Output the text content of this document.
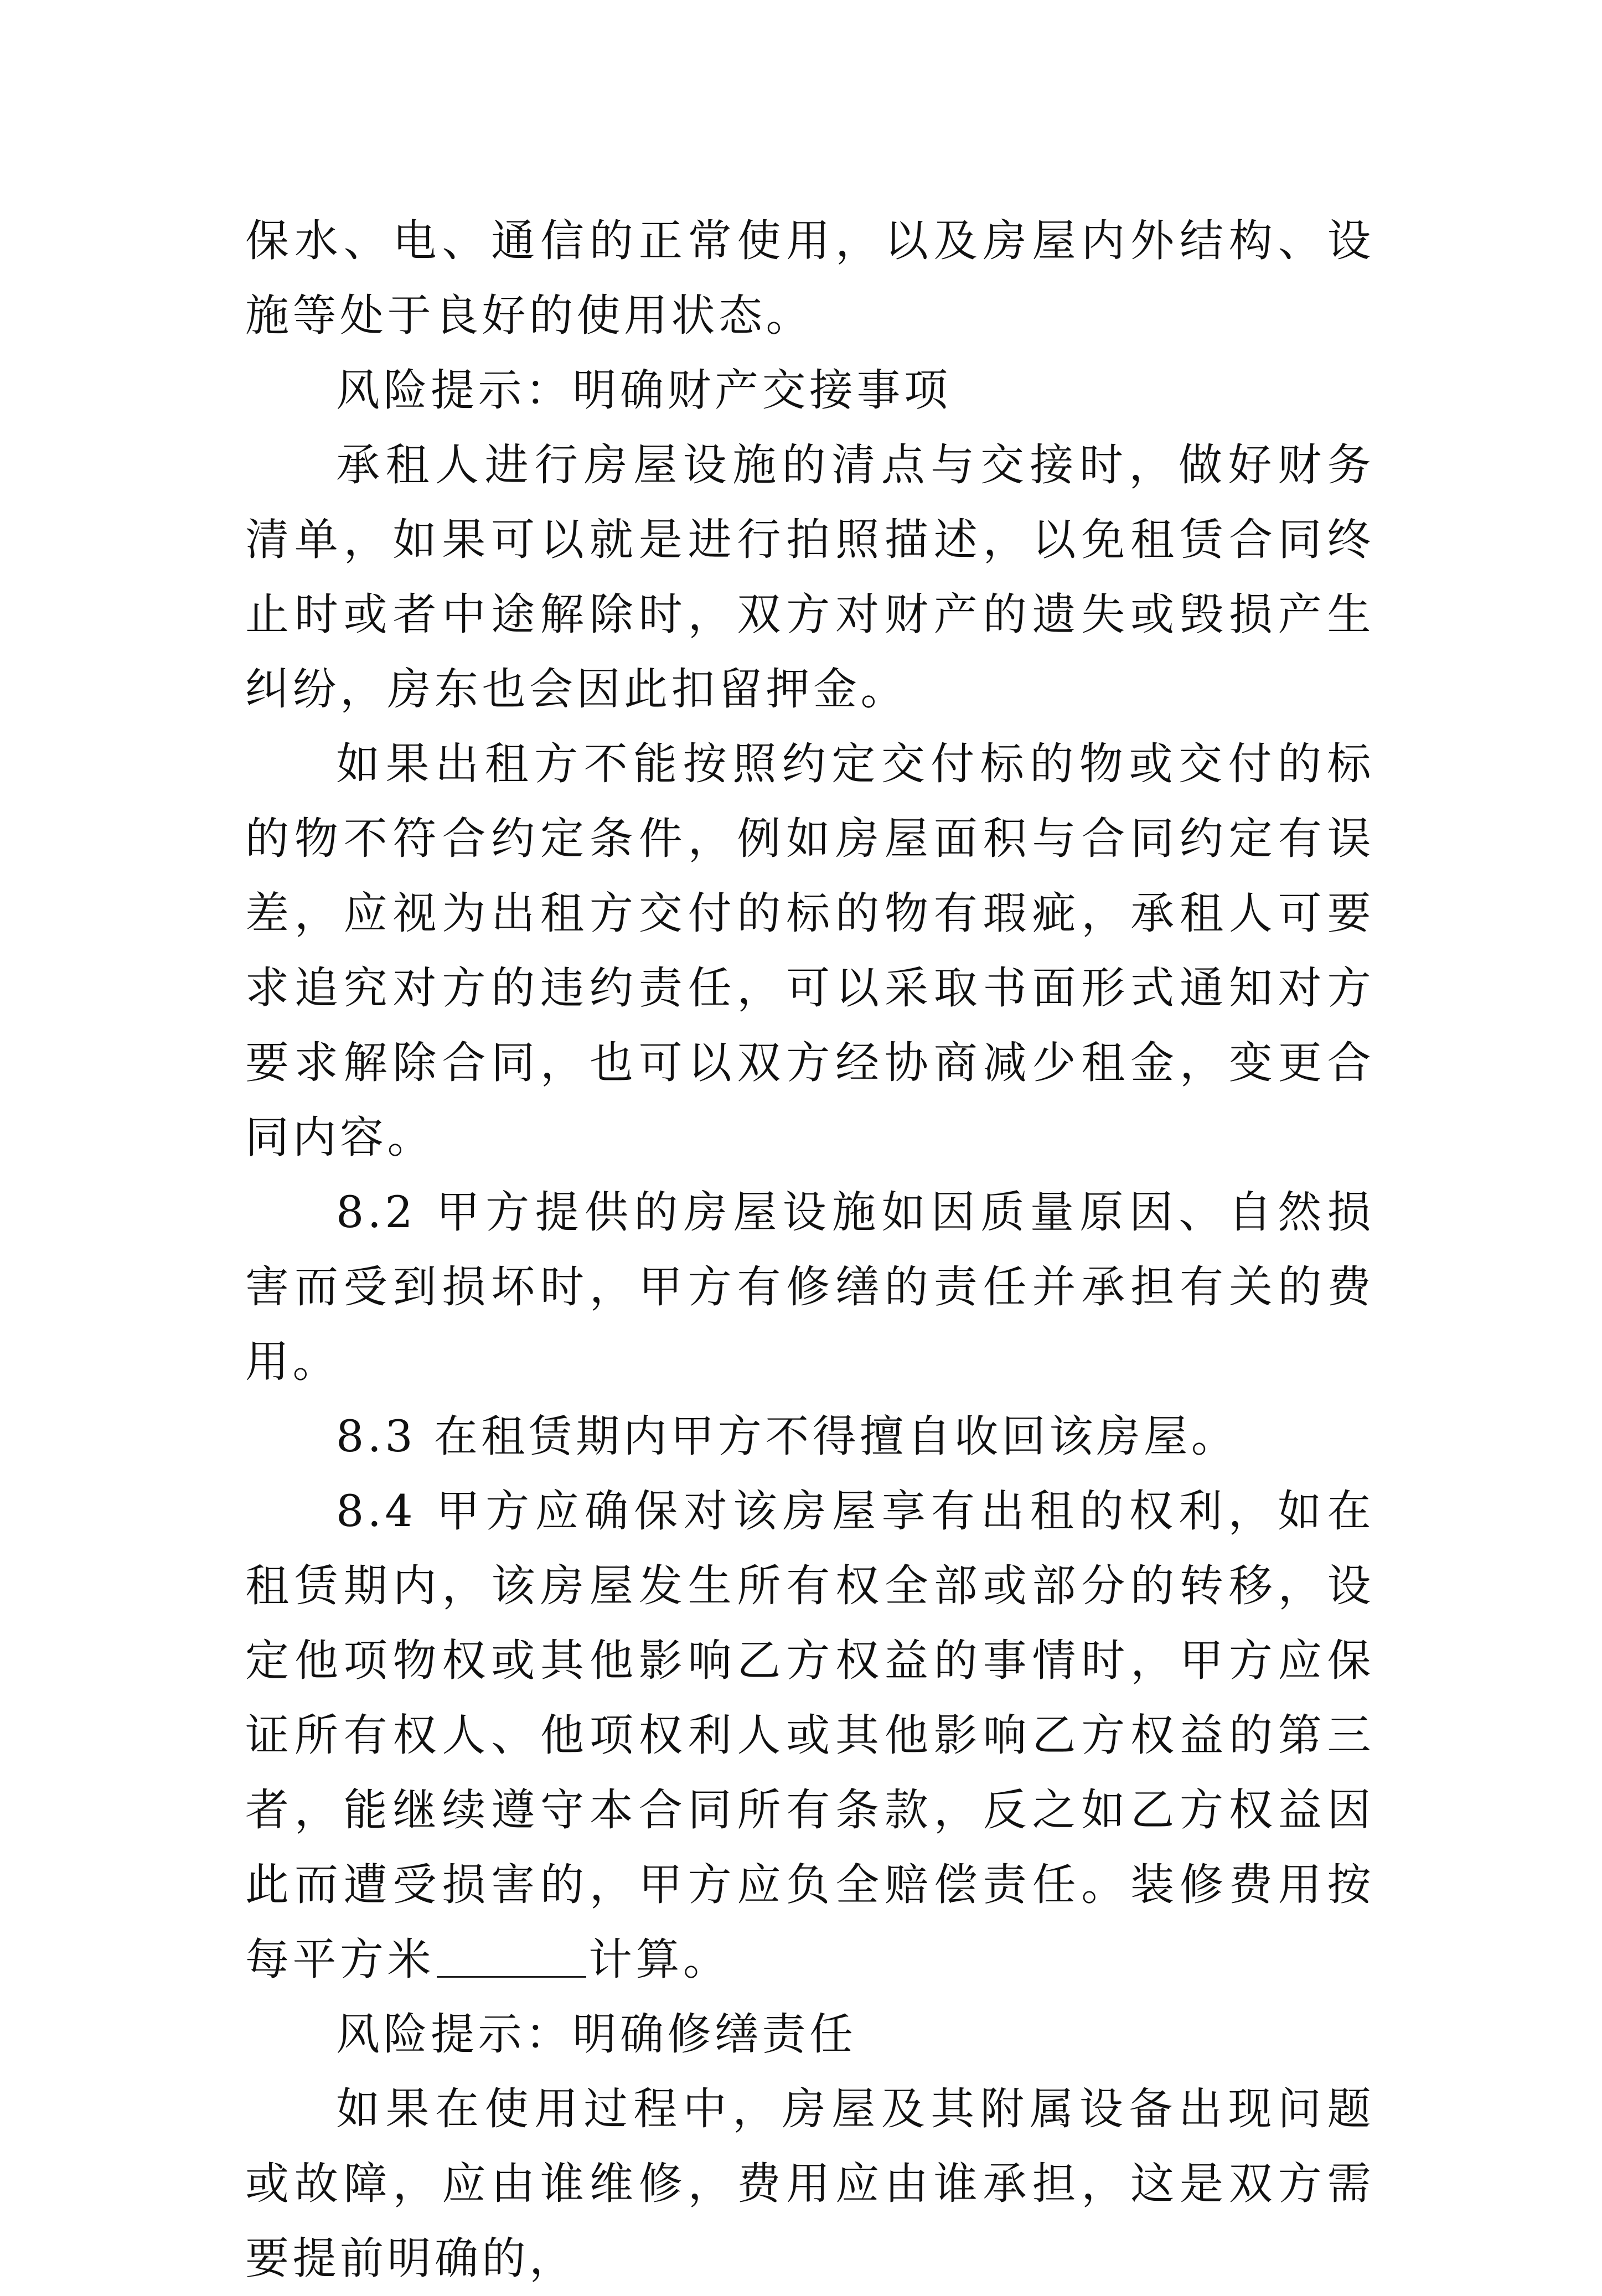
保水、电、通信的正常使用，以及房屋内外结构、设施等处于良好的使用状态。

风险提示：明确财产交接事项

承租人进行房屋设施的清点与交接时，做好财务清单，如果可以就是进行拍照描述，以免租赁合同终止时或者中途解除时，双方对财产的遗失或毁损产生纠纷，房东也会因此扣留押金。

如果出租方不能按照约定交付标的物或交付的标的物不符合约定条件，例如房屋面积与合同约定有误差，应视为出租方交付的标的物有瑕疵，承租人可要求追究对方的违约责任，可以采取书面形式通知对方要求解除合同，也可以双方经协商减少租金，变更合同内容。

8.2 甲方提供的房屋设施如因质量原因、自然损害而受到损坏时，甲方有修缮的责任并承担有关的费用。

8.3 在租赁期内甲方不得擅自收回该房屋。

8.4 甲方应确保对该房屋享有出租的权利，如在租赁期内，该房屋发生所有权全部或部分的转移，设定他项物权或其他影响乙方权益的事情时，甲方应保证所有权人、他项权利人或其他影响乙方权益的第三者，能继续遵守本合同所有条款，反之如乙方权益因此而遭受损害的，甲方应负全赔偿责任。装修费用按每平方米	计算。

风险提示：明确修缮责任

如果在使用过程中，房屋及其附属设备出现问题或故障，应由谁维修，费用应由谁承担，这是双方需要提前明确的，
